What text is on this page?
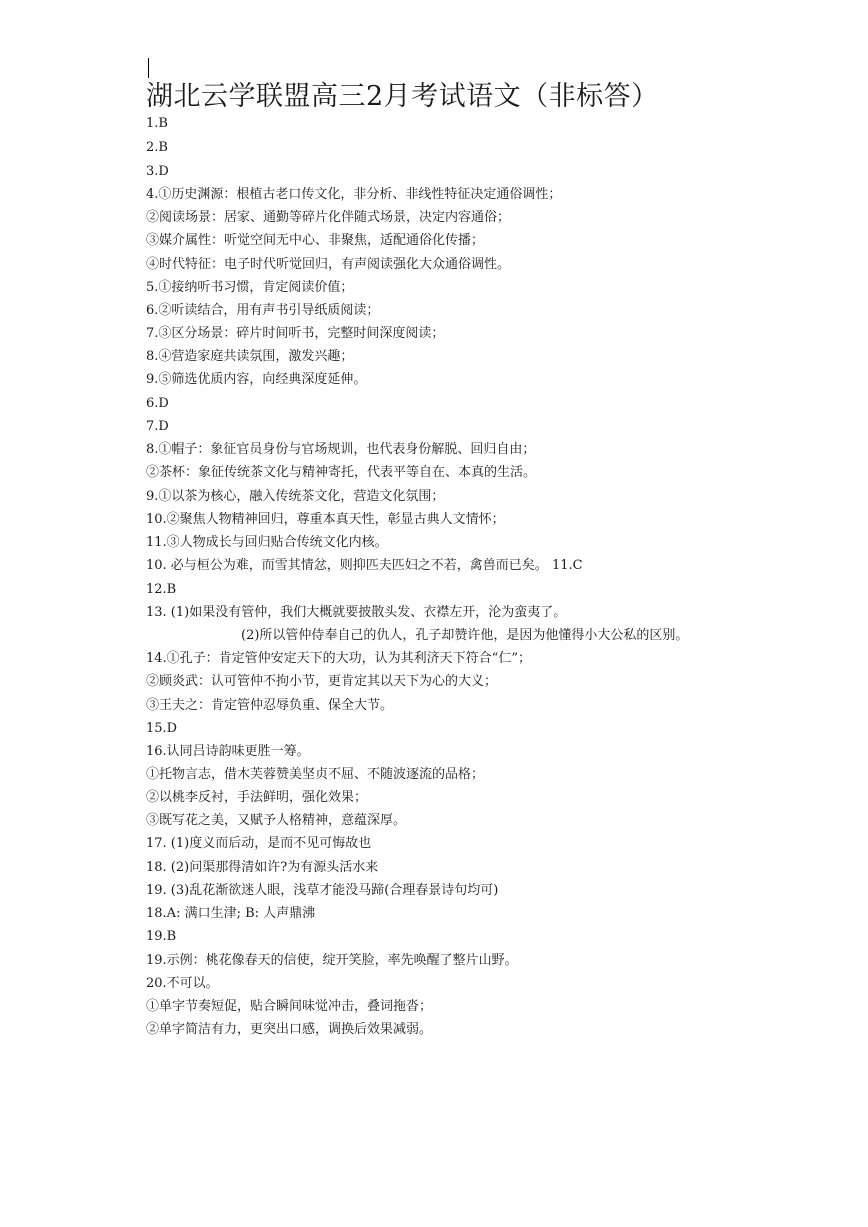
湖北云学联盟高三2月考试语文（非标答）
1.B
2.B
3.D
4.①历史渊源：根植古老口传文化，非分析、非线性特征决定通俗调性；
②阅读场景：居家、通勤等碎片化伴随式场景，决定内容通俗；
③媒介属性：听觉空间无中心、非聚焦，适配通俗化传播；
④时代特征：电子时代听觉回归，有声阅读强化大众通俗调性。
5.①接纳听书习惯，肯定阅读价值；
6.②听读结合，用有声书引导纸质阅读；
7.③区分场景：碎片时间听书，完整时间深度阅读；
8.④营造家庭共读氛围，激发兴趣；
9.⑤筛选优质内容，向经典深度延伸。
6.D
7.D
8.①帽子：象征官员身份与官场规训，也代表身份解脱、回归自由；
②茶杯：象征传统茶文化与精神寄托，代表平等自在、本真的生活。
9.①以茶为核心，融入传统茶文化，营造文化氛围；
10.②聚焦人物精神回归，尊重本真天性，彰显古典人文情怀；
11.③人物成长与回归贴合传统文化内核。
10. 必与桓公为难，而雪其情忿，则抑匹夫匹妇之不若，禽兽而已矣。 11.C
12.B
13. (1)如果没有管仲，我们大概就要披散头发、衣襟左开，沦为蛮夷了。
(2)所以管仲侍奉自己的仇人，孔子却赞许他，是因为他懂得小大公私的区别。
14.①孔子：肯定管仲安定天下的大功，认为其利济天下符合“仁”；
②顾炎武：认可管仲不拘小节，更肯定其以天下为心的大义；
③王夫之：肯定管仲忍辱负重、保全大节。
15.D
16.认同吕诗韵味更胜一筹。
①托物言志，借木芙蓉赞美坚贞不屈、不随波逐流的品格；
②以桃李反衬，手法鲜明，强化效果；
③既写花之美，又赋予人格精神，意蕴深厚。
17. (1)度义而后动，是而不见可悔故也
18. (2)问渠那得清如许?为有源头活水来
19. (3)乱花渐欲迷人眼，浅草才能没马蹄(合理春景诗句均可)
18.A: 满口生津; B: 人声鼎沸
19.B
19.示例：桃花像春天的信使，绽开笑脸，率先唤醒了整片山野。
20.不可以。
①单字节奏短促，贴合瞬间味觉冲击，叠词拖沓；
②单字简洁有力，更突出口感，调换后效果减弱。
